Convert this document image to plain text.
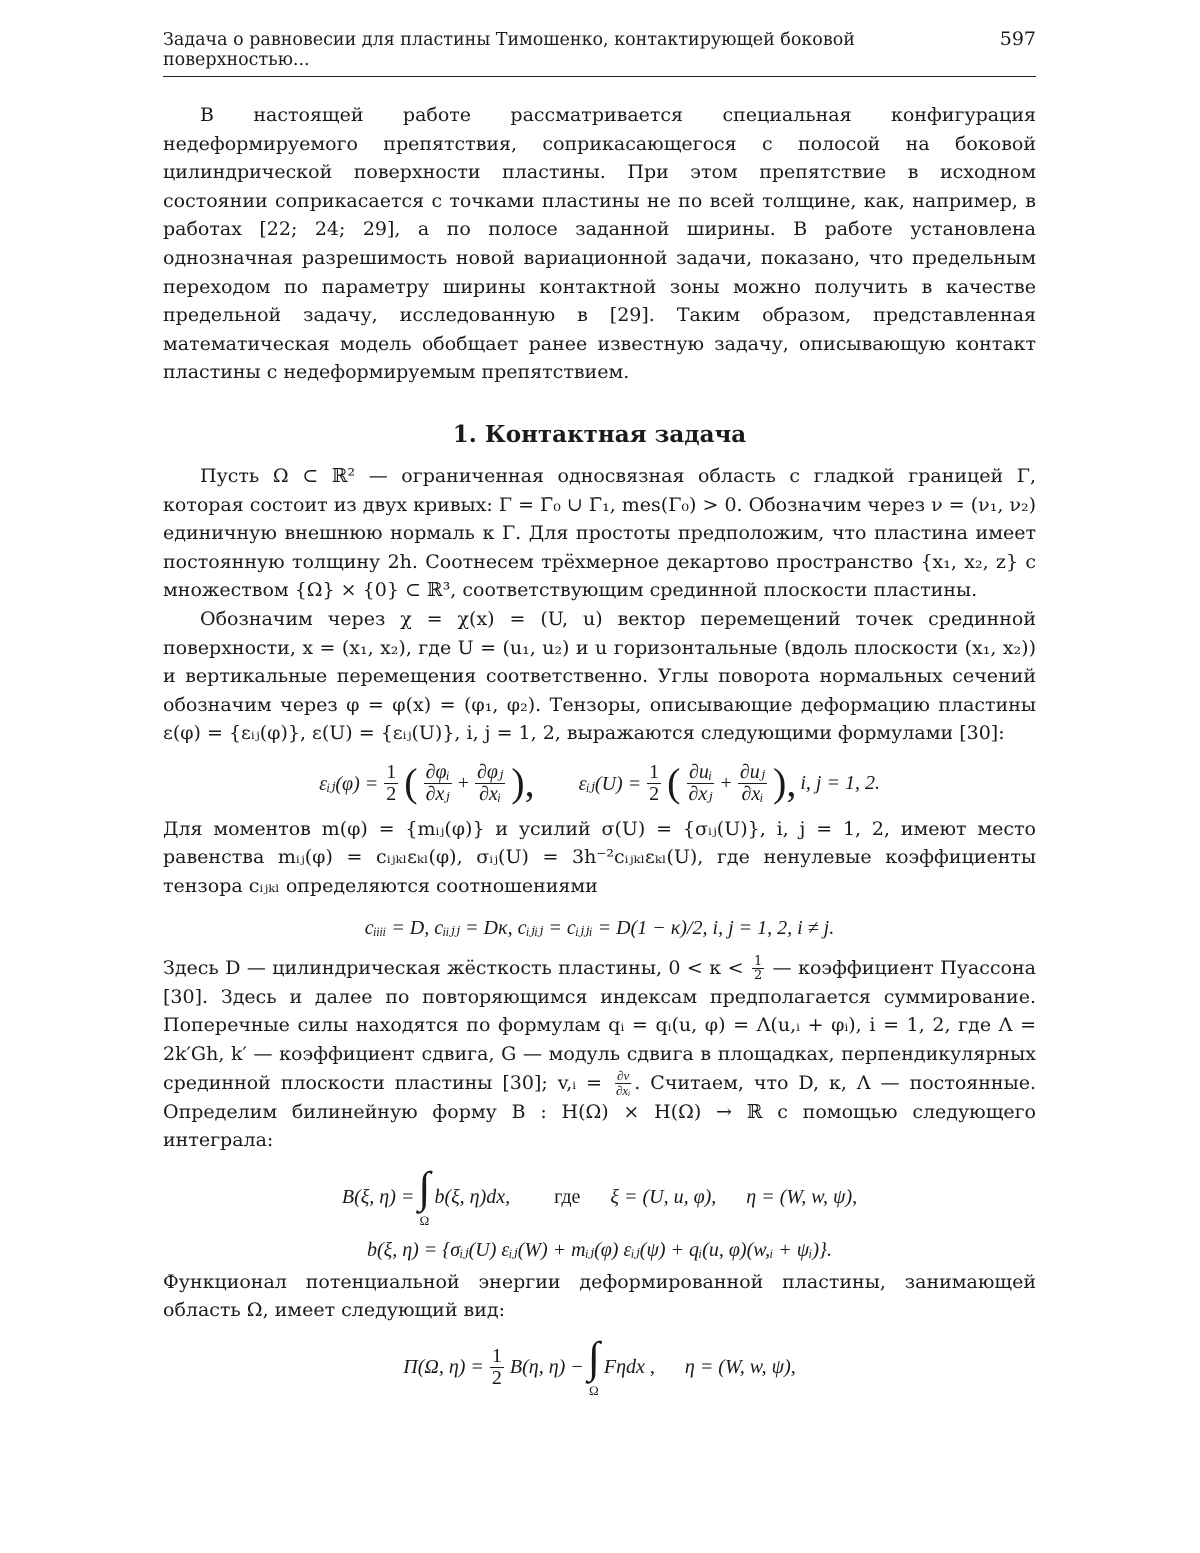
Задача о равновесии для пластины Тимошенко, контактирующей боковой поверхностью...
597

В настоящей работе рассматривается специальная конфигурация недеформируемого препятствия, соприкасающегося с полосой на боковой цилиндрической поверхности пластины. При этом препятствие в исходном состоянии соприкасается с точками пластины не по всей толщине, как, например, в работах [22; 24; 29], а по полосе заданной ширины. В работе установлена однозначная разрешимость новой вариационной задачи, показано, что предельным переходом по параметру ширины контактной зоны можно получить в качестве предельной задачу, исследованную в [29]. Таким образом, представленная математическая модель обобщает ранее известную задачу, описывающую контакт пластины с недеформируемым препятствием.

1. Контактная задача

Пусть Ω ⊂ ℝ² — ограниченная односвязная область с гладкой границей Γ, которая состоит из двух кривых: Γ = Γ̄₀ ∪ Γ̄₁, mes(Γ₀) > 0. Обозначим через ν = (ν₁, ν₂) единичную внешнюю нормаль к Γ. Для простоты предположим, что пластина имеет постоянную толщину 2h. Соотнесем трёхмерное декартово пространство {x₁, x₂, z} с множеством {Ω} × {0} ⊂ ℝ³, соответствующим срединной плоскости пластины.

Обозначим через χ = χ(x) = (U, u) вектор перемещений точек срединной поверхности, x = (x₁, x₂), где U = (u₁, u₂) и u горизонтальные (вдоль плоскости (x₁, x₂)) и вертикальные перемещения соответственно. Углы поворота нормальных сечений обозначим через φ = φ(x) = (φ₁, φ₂). Тензоры, описывающие деформацию пластины ε(φ) = {εᵢⱼ(φ)}, ε(U) = {εᵢⱼ(U)}, i, j = 1, 2, выражаются следующими формулами [30]:

εᵢⱼ(φ) = $\frac{1}{2}$ ( $\frac{\text{∂φᵢ}}{\text{∂xⱼ}} + \frac{\text{∂φⱼ}}{\text{∂xᵢ}}$ ), εᵢⱼ(U) = $\frac{1}{2}$ ( $\frac{\text{∂uᵢ}}{\text{∂xⱼ}} + \frac{\text{∂uⱼ}}{\text{∂xᵢ}}$ ), i, j = 1, 2.

Для моментов m(φ) = {mᵢⱼ(φ)} и усилий σ(U) = {σᵢⱼ(U)}, i, j = 1, 2, имеют место равенства mᵢⱼ(φ) = cᵢⱼₖₗεₖₗ(φ), σᵢⱼ(U) = 3h⁻²cᵢⱼₖₗεₖₗ(U), где ненулевые коэффициенты тензора cᵢⱼₖₗ определяются соотношениями

cᵢᵢᵢᵢ = D, cᵢᵢⱼⱼ = Dκ, cᵢⱼᵢⱼ = cᵢⱼⱼᵢ = D(1 − κ)/2, i, j = 1, 2, i ≠ j.

Здесь D — цилиндрическая жёсткость пластины, $0 < \kappa < \frac{1}{2}$ — коэффициент Пуассона [30]. Здесь и далее по повторяющимся индексам предполагается суммирование. Поперечные силы находятся по формулам qᵢ = qᵢ(u, φ) = Λ(u,ᵢ + φᵢ), i = 1, 2, где Λ = 2k′Gh, k′ — коэффициент сдвига, G — модуль сдвига в площадках, перпендикулярных срединной плоскости пластины [30]; v,ᵢ = $\frac{\partial v}{\text{∂xᵢ}}$ . Считаем, что D, κ, Λ — постоянные. Определим билинейную форму B : H(Ω) × H(Ω) → ℝ с помощью следующего интеграла:

B(ξ, η) = ∫
Ω
b(ξ, η)dx, где ξ = (U, u, φ), η = (W, w, ψ),
b(ξ, η) = {σᵢⱼ(U) εᵢⱼ(W) + mᵢⱼ(φ) εᵢⱼ(ψ) + qᵢ(u, φ)(w,ᵢ + ψᵢ)}.

Функционал потенциальной энергии деформированной пластины, занимающей область Ω, имеет следующий вид:

Π(Ω, $\eta) = \frac{1}{2} B(\eta$, η) − ∫
Ω
Fηdx , η = (W, w, ψ),
